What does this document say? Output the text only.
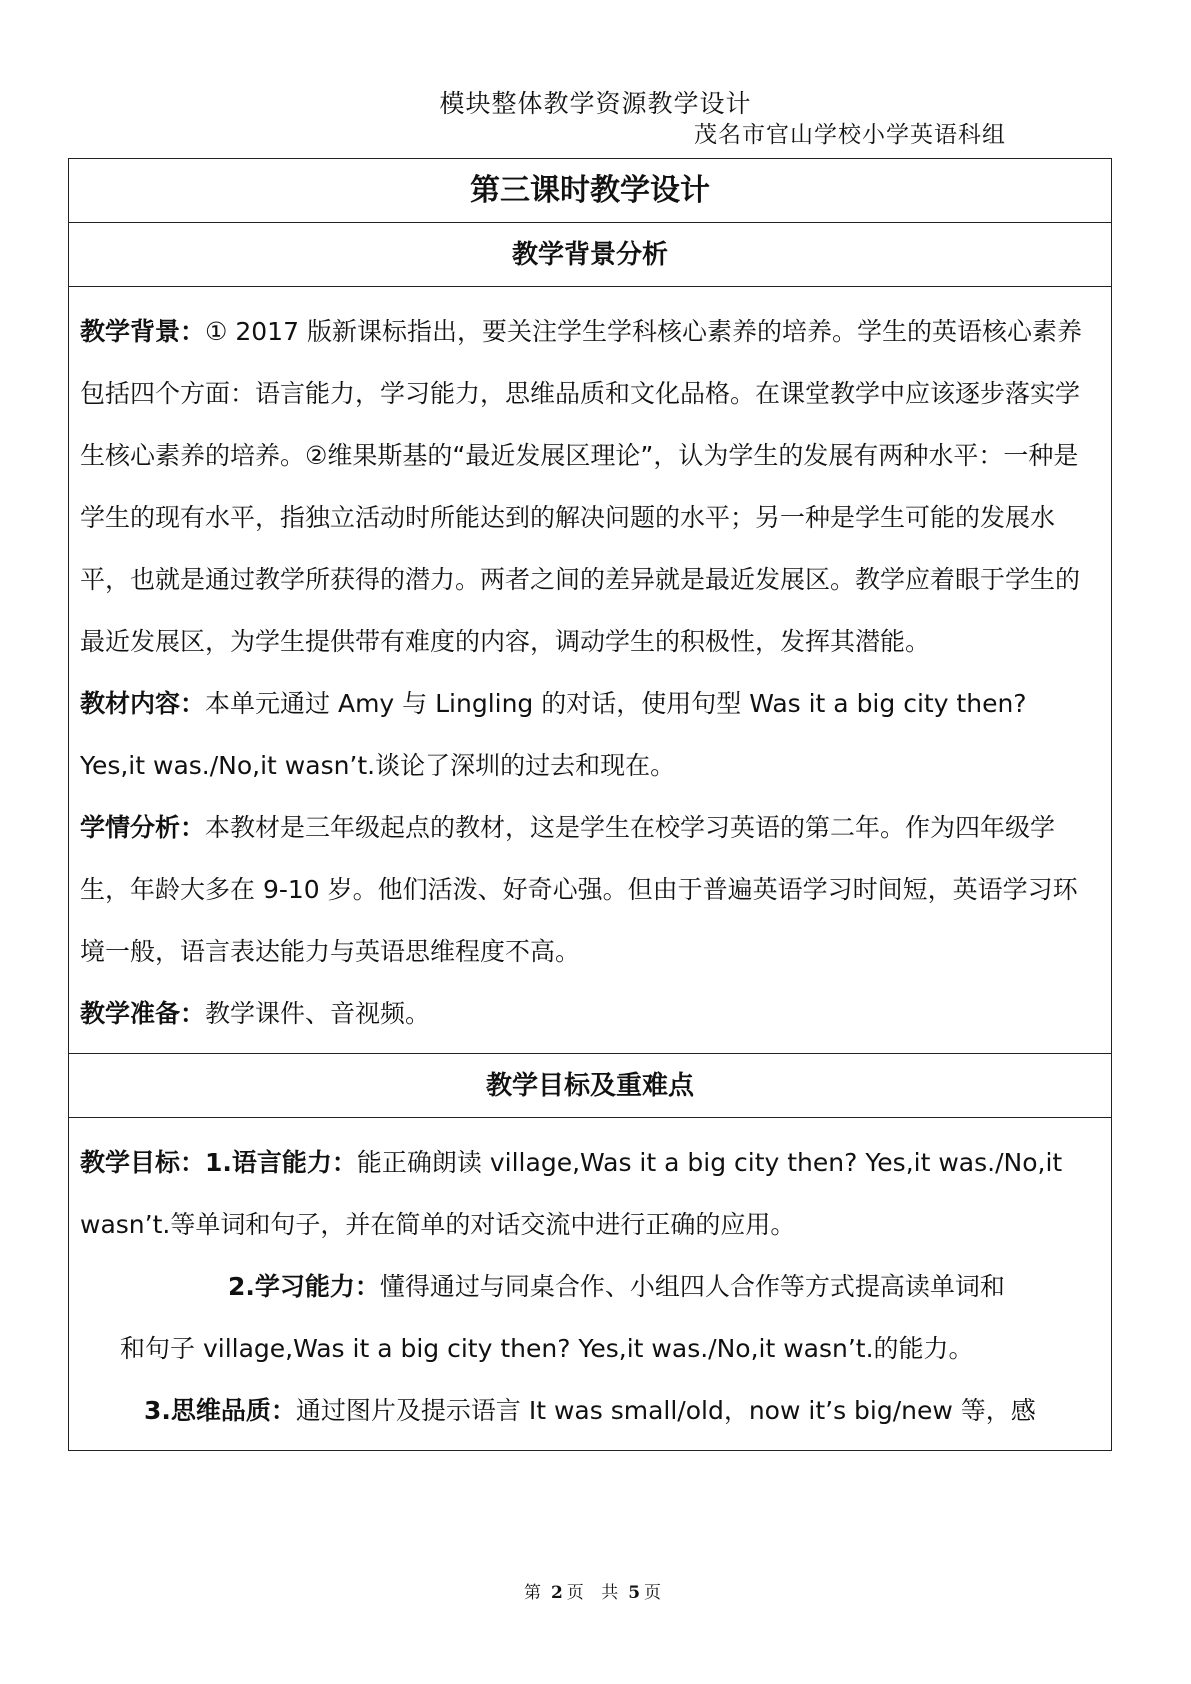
模块整体教学资源教学设计
茂名市官山学校小学英语科组
第三课时教学设计
教学背景分析

教学背景：① 2017 版新课标指出，要关注学生学科核心素养的培养。学生的英语核心素养包括四个方面：语言能力，学习能力，思维品质和文化品格。在课堂教学中应该逐步落实学生核心素养的培养。②维果斯基的“最近发展区理论”，认为学生的发展有两种水平：一种是学生的现有水平，指独立活动时所能达到的解决问题的水平；另一种是学生可能的发展水平，也就是通过教学所获得的潜力。两者之间的差异就是最近发展区。教学应着眼于学生的最近发展区，为学生提供带有难度的内容，调动学生的积极性，发挥其潜能。

教材内容：本单元通过 Amy 与 Lingling 的对话，使用句型 Was it a big city then?

Yes,it was./No,it wasn’t.谈论了深圳的过去和现在。

学情分析：本教材是三年级起点的教材，这是学生在校学习英语的第二年。作为四年级学生，年龄大多在 9-10 岁。他们活泼、好奇心强。但由于普遍英语学习时间短，英语学习环境一般，语言表达能力与英语思维程度不高。

教学准备：教学课件、音视频。

教学目标及重难点

教学目标：1.语言能力：能正确朗读 village,Was it a big city then? Yes,it was./No,it

wasn’t.等单词和句子，并在简单的对话交流中进行正确的应用。

2.学习能力：懂得通过与同桌合作、小组四人合作等方式提高读单词和

和句子 village,Was it a big city then? Yes,it was./No,it wasn’t.的能力。

3.思维品质：通过图片及提示语言 It was small/old，now it’s big/new 等，感

第 2 页 共 5 页
